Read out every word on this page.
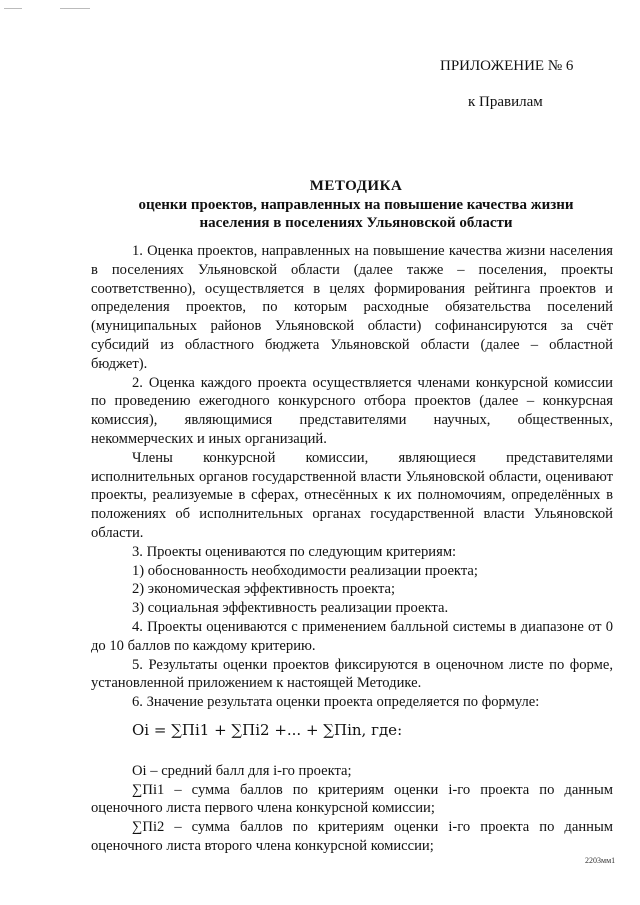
ПРИЛОЖЕНИЕ № 6
к Правилам
МЕТОДИКА
оценки проектов, направленных на повышение качества жизни населения в поселениях Ульяновской области

1. Оценка проектов, направленных на повышение качества жизни населения в поселениях Ульяновской области (далее также – поселения, проекты соответственно), осуществляется в целях формирования рейтинга проектов и определения проектов, по которым расходные обязательства поселений (муниципальных районов Ульяновской области) софинансируются за счёт субсидий из областного бюджета Ульяновской области (далее – областной бюджет).

2. Оценка каждого проекта осуществляется членами конкурсной комиссии по проведению ежегодного конкурсного отбора проектов (далее – конкурсная комиссия), являющимися представителями научных, общественных, некоммерческих и иных организаций.

Члены конкурсной комиссии, являющиеся представителями исполнительных органов государственной власти Ульяновской области, оценивают проекты, реализуемые в сферах, отнесённых к их полномочиям, определённых в положениях об исполнительных органах государственной власти Ульяновской области.

3. Проекты оцениваются по следующим критериям:

1) обоснованность необходимости реализации проекта;

2) экономическая эффективность проекта;

3) социальная эффективность реализации проекта.

4. Проекты оцениваются с применением балльной системы в диапазоне от 0 до 10 баллов по каждому критерию.

5. Результаты оценки проектов фиксируются в оценочном листе по форме, установленной приложением к настоящей Методике.

6. Значение результата оценки проекта определяется по формуле:

Оi = ∑Пi1 + ∑Пi2 +... + ∑Пin, где:

Оi – средний балл для i-го проекта;

∑Пi1 – сумма баллов по критериям оценки i-го проекта по данным оценочного листа первого члена конкурсной комиссии;

∑Пi2 – сумма баллов по критериям оценки i-го проекта по данным оценочного листа второго члена конкурсной комиссии;

2203мм1
